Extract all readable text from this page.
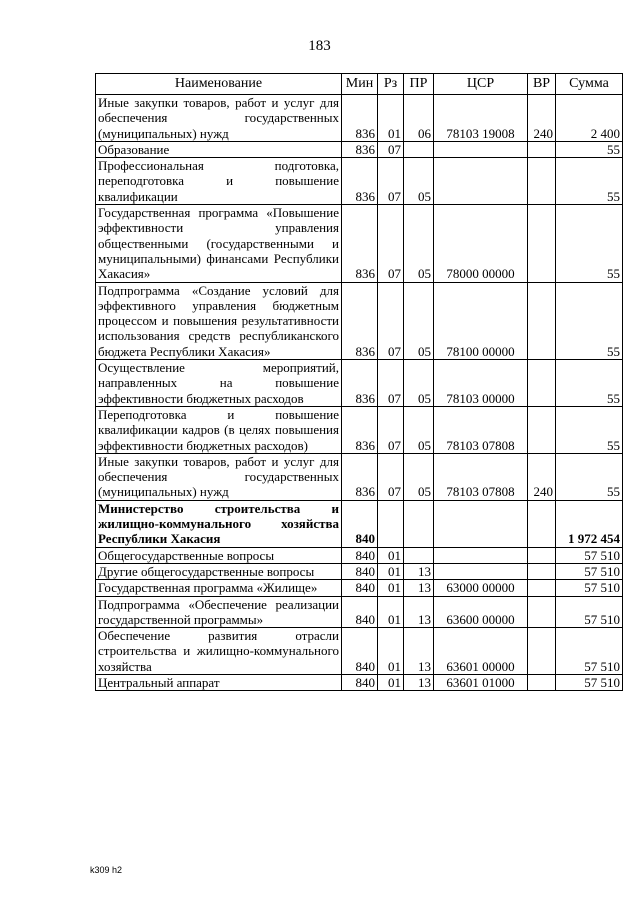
183
Наименование	Мин	Рз	ПР	ЦСР	ВР	Сумма
Иные закупки товаров, работ и услуг для обеспечения государственных (муниципальных) нужд	836	01	06	78103 19008	240	2 400
Образование	836	07				55
Профессиональная подготовка, переподготовка и повышение квалификации	836	07	05			55
Государственная программа «Повышение эффективности управления общественными (государственными и муниципальными) финансами Республики Хакасия»	836	07	05	78000 00000		55
Подпрограмма «Создание условий для эффективного управления бюджетным процессом и повышения результативности использования средств республиканского бюджета Республики Хакасия»	836	07	05	78100 00000		55
Осуществление мероприятий, направленных на повышение эффективности бюджетных расходов	836	07	05	78103 00000		55
Переподготовка и повышение квалификации кадров (в целях повышения эффективности бюджетных расходов)	836	07	05	78103 07808		55
Иные закупки товаров, работ и услуг для обеспечения государственных (муниципальных) нужд	836	07	05	78103 07808	240	55
Министерство строительства и жилищно-коммунального хозяйства Республики Хакасия	840					1 972 454
Общегосударственные вопросы	840	01				57 510
Другие общегосударственные вопросы	840	01	13			57 510
Государственная программа «Жилище»	840	01	13	63000 00000		57 510
Подпрограмма «Обеспечение реализации государственной программы»	840	01	13	63600 00000		57 510
Обеспечение развития отрасли строительства и жилищно-коммунального хозяйства	840	01	13	63601 00000		57 510
Центральный аппарат	840	01	13	63601 01000		57 510
k309 h2
